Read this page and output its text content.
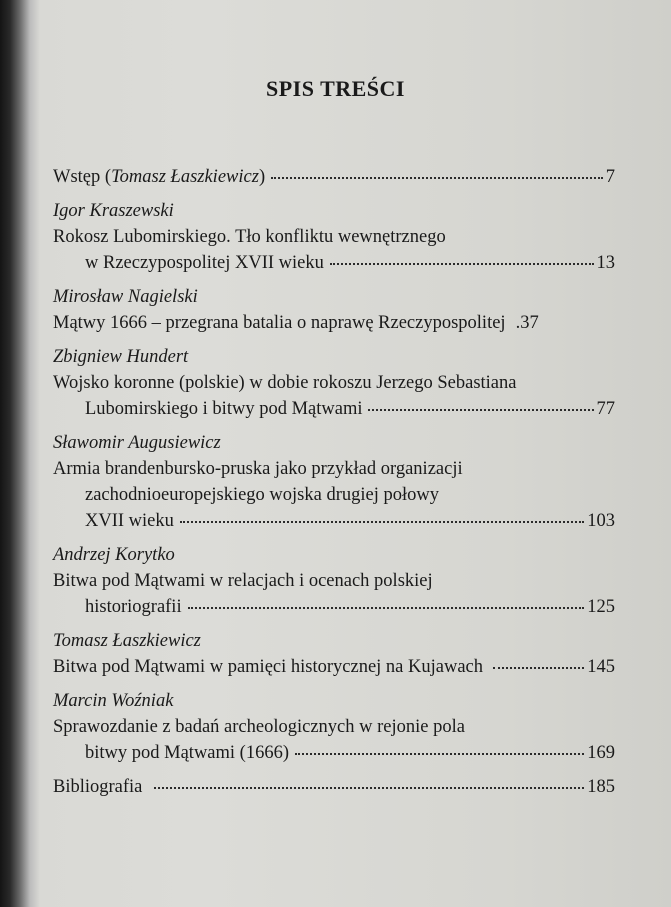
SPIS TREŚCI
Wstęp ( Tomasz Łaszkiewicz )	7
Igor Kraszewski
Rokosz Lubomirskiego. Tło konfliktu wewnętrznego
w Rzeczypospolitej XVII wieku	13
Mirosław Nagielski
Mątwy 1666 – przegrana batalia o naprawę Rzeczypospolitej .37
Zbigniew Hundert
Wojsko koronne (polskie) w dobie rokoszu Jerzego Sebastiana
Lubomirskiego i bitwy pod Mątwami	77
Sławomir Augusiewicz
Armia brandenbursko-pruska jako przykład organizacji
zachodnioeuropejskiego wojska drugiej połowy
XVII wieku	103
Andrzej Korytko
Bitwa pod Mątwami w relacjach i ocenach polskiej
historiografii	125
Tomasz Łaszkiewicz
Bitwa pod Mątwami w pamięci historycznej na Kujawach	145
Marcin Woźniak
Sprawozdanie z badań archeologicznych w rejonie pola
bitwy pod Mątwami (1666)	169
Bibliografia	185
